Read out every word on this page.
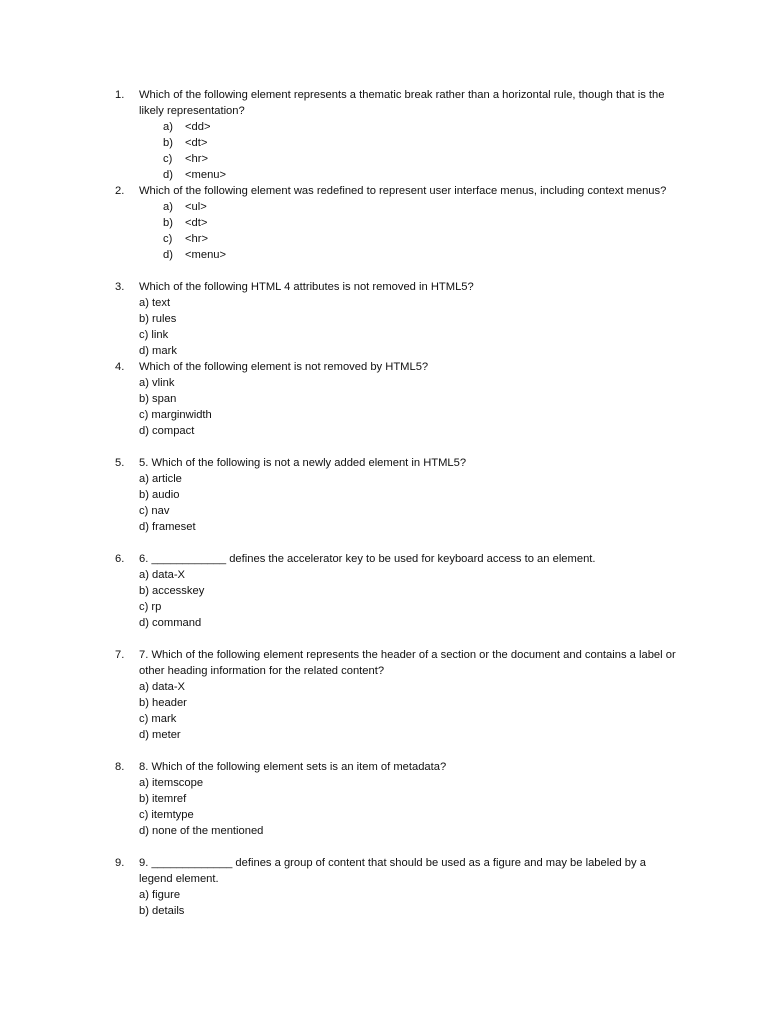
1. Which of the following element represents a thematic break rather than a horizontal rule, though that is the likely representation?

a) <dd>
b) <dt>
c) <hr>
d) <menu>
2. Which of the following element was redefined to represent user interface menus, including context menus?

a) <ul>
b) <dt>
c) <hr>
d) <menu>
3. Which of the following HTML 4 attributes is not removed in HTML5?

a) text
b) rules
c) link
d) mark
4. Which of the following element is not removed by HTML5?

a) vlink
b) span
c) marginwidth
d) compact
5. 5. Which of the following is not a newly added element in HTML5?

a) article
b) audio
c) nav
d) frameset
6. 6. ____________ defines the accelerator key to be used for keyboard access to an element.

a) data-X
b) accesskey
c) rp
d) command
7. 7. Which of the following element represents the header of a section or the document and contains a label or other heading information for the related content?

a) data-X
b) header
c) mark
d) meter
8. 8. Which of the following element sets is an item of metadata?

a) itemscope
b) itemref
c) itemtype
d) none of the mentioned
9. 9. _____________ defines a group of content that should be used as a figure and may be labeled by a legend element.

a) figure
b) details
